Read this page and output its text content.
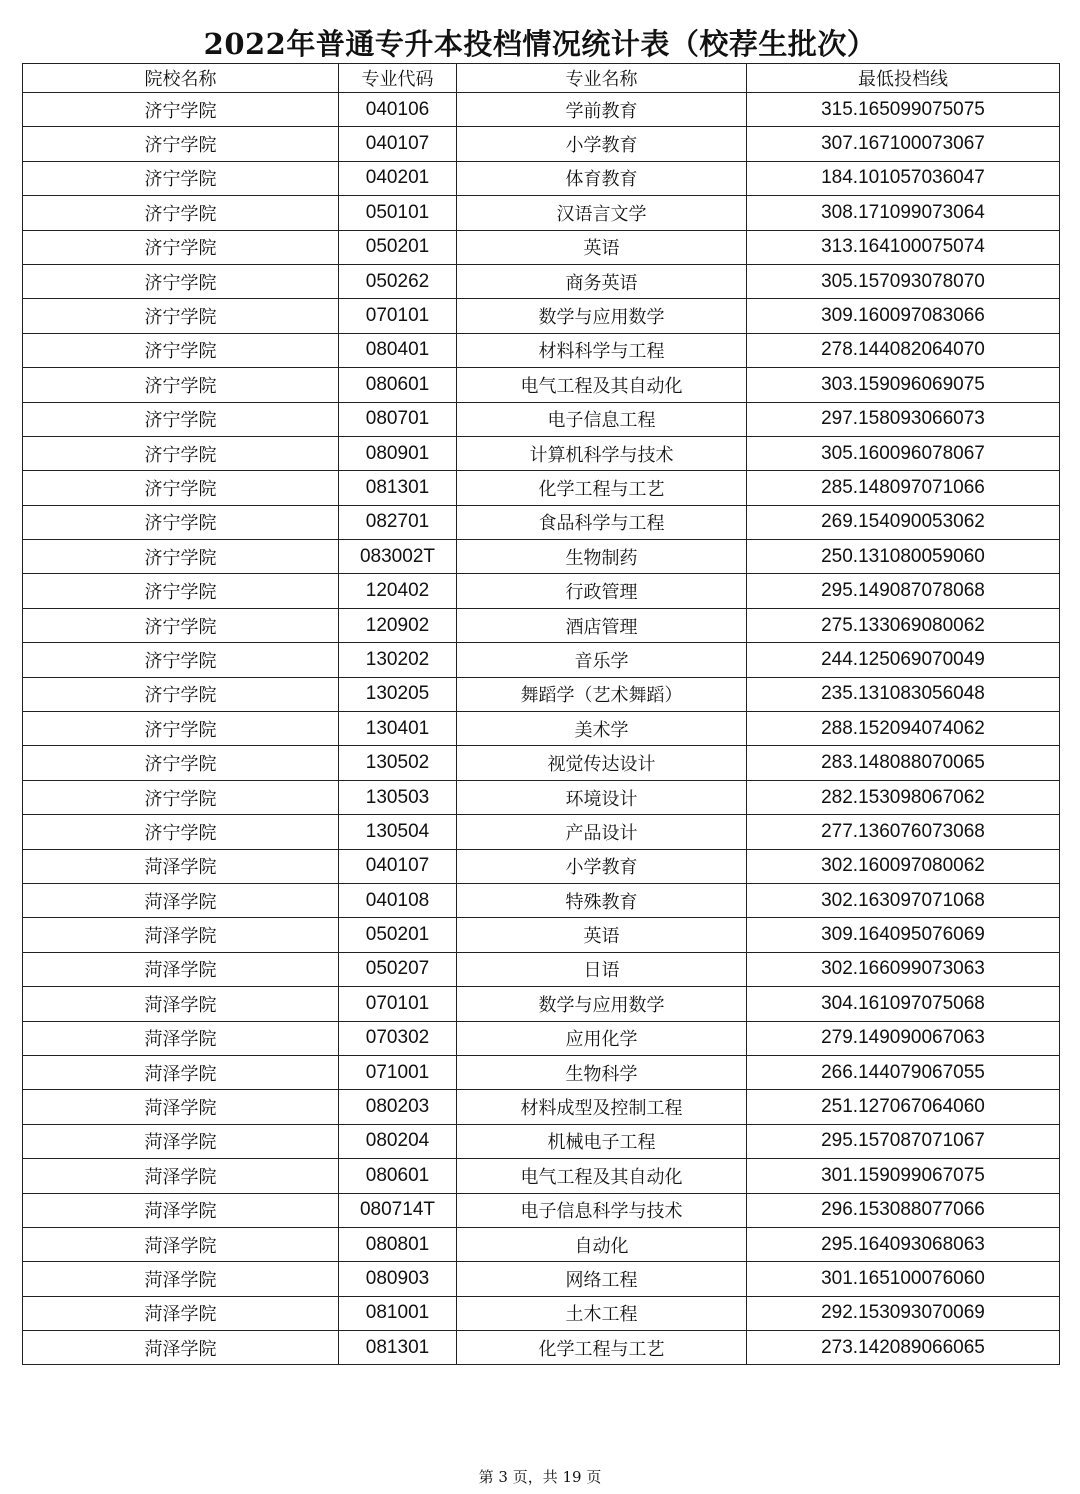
2022年普通专升本投档情况统计表（校荐生批次）
院校名称	专业代码	专业名称	最低投档线
济宁学院	040106	学前教育	315.165099075075
济宁学院	040107	小学教育	307.167100073067
济宁学院	040201	体育教育	184.101057036047
济宁学院	050101	汉语言文学	308.171099073064
济宁学院	050201	英语	313.164100075074
济宁学院	050262	商务英语	305.157093078070
济宁学院	070101	数学与应用数学	309.160097083066
济宁学院	080401	材料科学与工程	278.144082064070
济宁学院	080601	电气工程及其自动化	303.159096069075
济宁学院	080701	电子信息工程	297.158093066073
济宁学院	080901	计算机科学与技术	305.160096078067
济宁学院	081301	化学工程与工艺	285.148097071066
济宁学院	082701	食品科学与工程	269.154090053062
济宁学院	083002T	生物制药	250.131080059060
济宁学院	120402	行政管理	295.149087078068
济宁学院	120902	酒店管理	275.133069080062
济宁学院	130202	音乐学	244.125069070049
济宁学院	130205	舞蹈学（艺术舞蹈）	235.131083056048
济宁学院	130401	美术学	288.152094074062
济宁学院	130502	视觉传达设计	283.148088070065
济宁学院	130503	环境设计	282.153098067062
济宁学院	130504	产品设计	277.136076073068
菏泽学院	040107	小学教育	302.160097080062
菏泽学院	040108	特殊教育	302.163097071068
菏泽学院	050201	英语	309.164095076069
菏泽学院	050207	日语	302.166099073063
菏泽学院	070101	数学与应用数学	304.161097075068
菏泽学院	070302	应用化学	279.149090067063
菏泽学院	071001	生物科学	266.144079067055
菏泽学院	080203	材料成型及控制工程	251.127067064060
菏泽学院	080204	机械电子工程	295.157087071067
菏泽学院	080601	电气工程及其自动化	301.159099067075
菏泽学院	080714T	电子信息科学与技术	296.153088077066
菏泽学院	080801	自动化	295.164093068063
菏泽学院	080903	网络工程	301.165100076060
菏泽学院	081001	土木工程	292.153093070069
菏泽学院	081301	化学工程与工艺	273.142089066065
第 3 页，共 19 页
